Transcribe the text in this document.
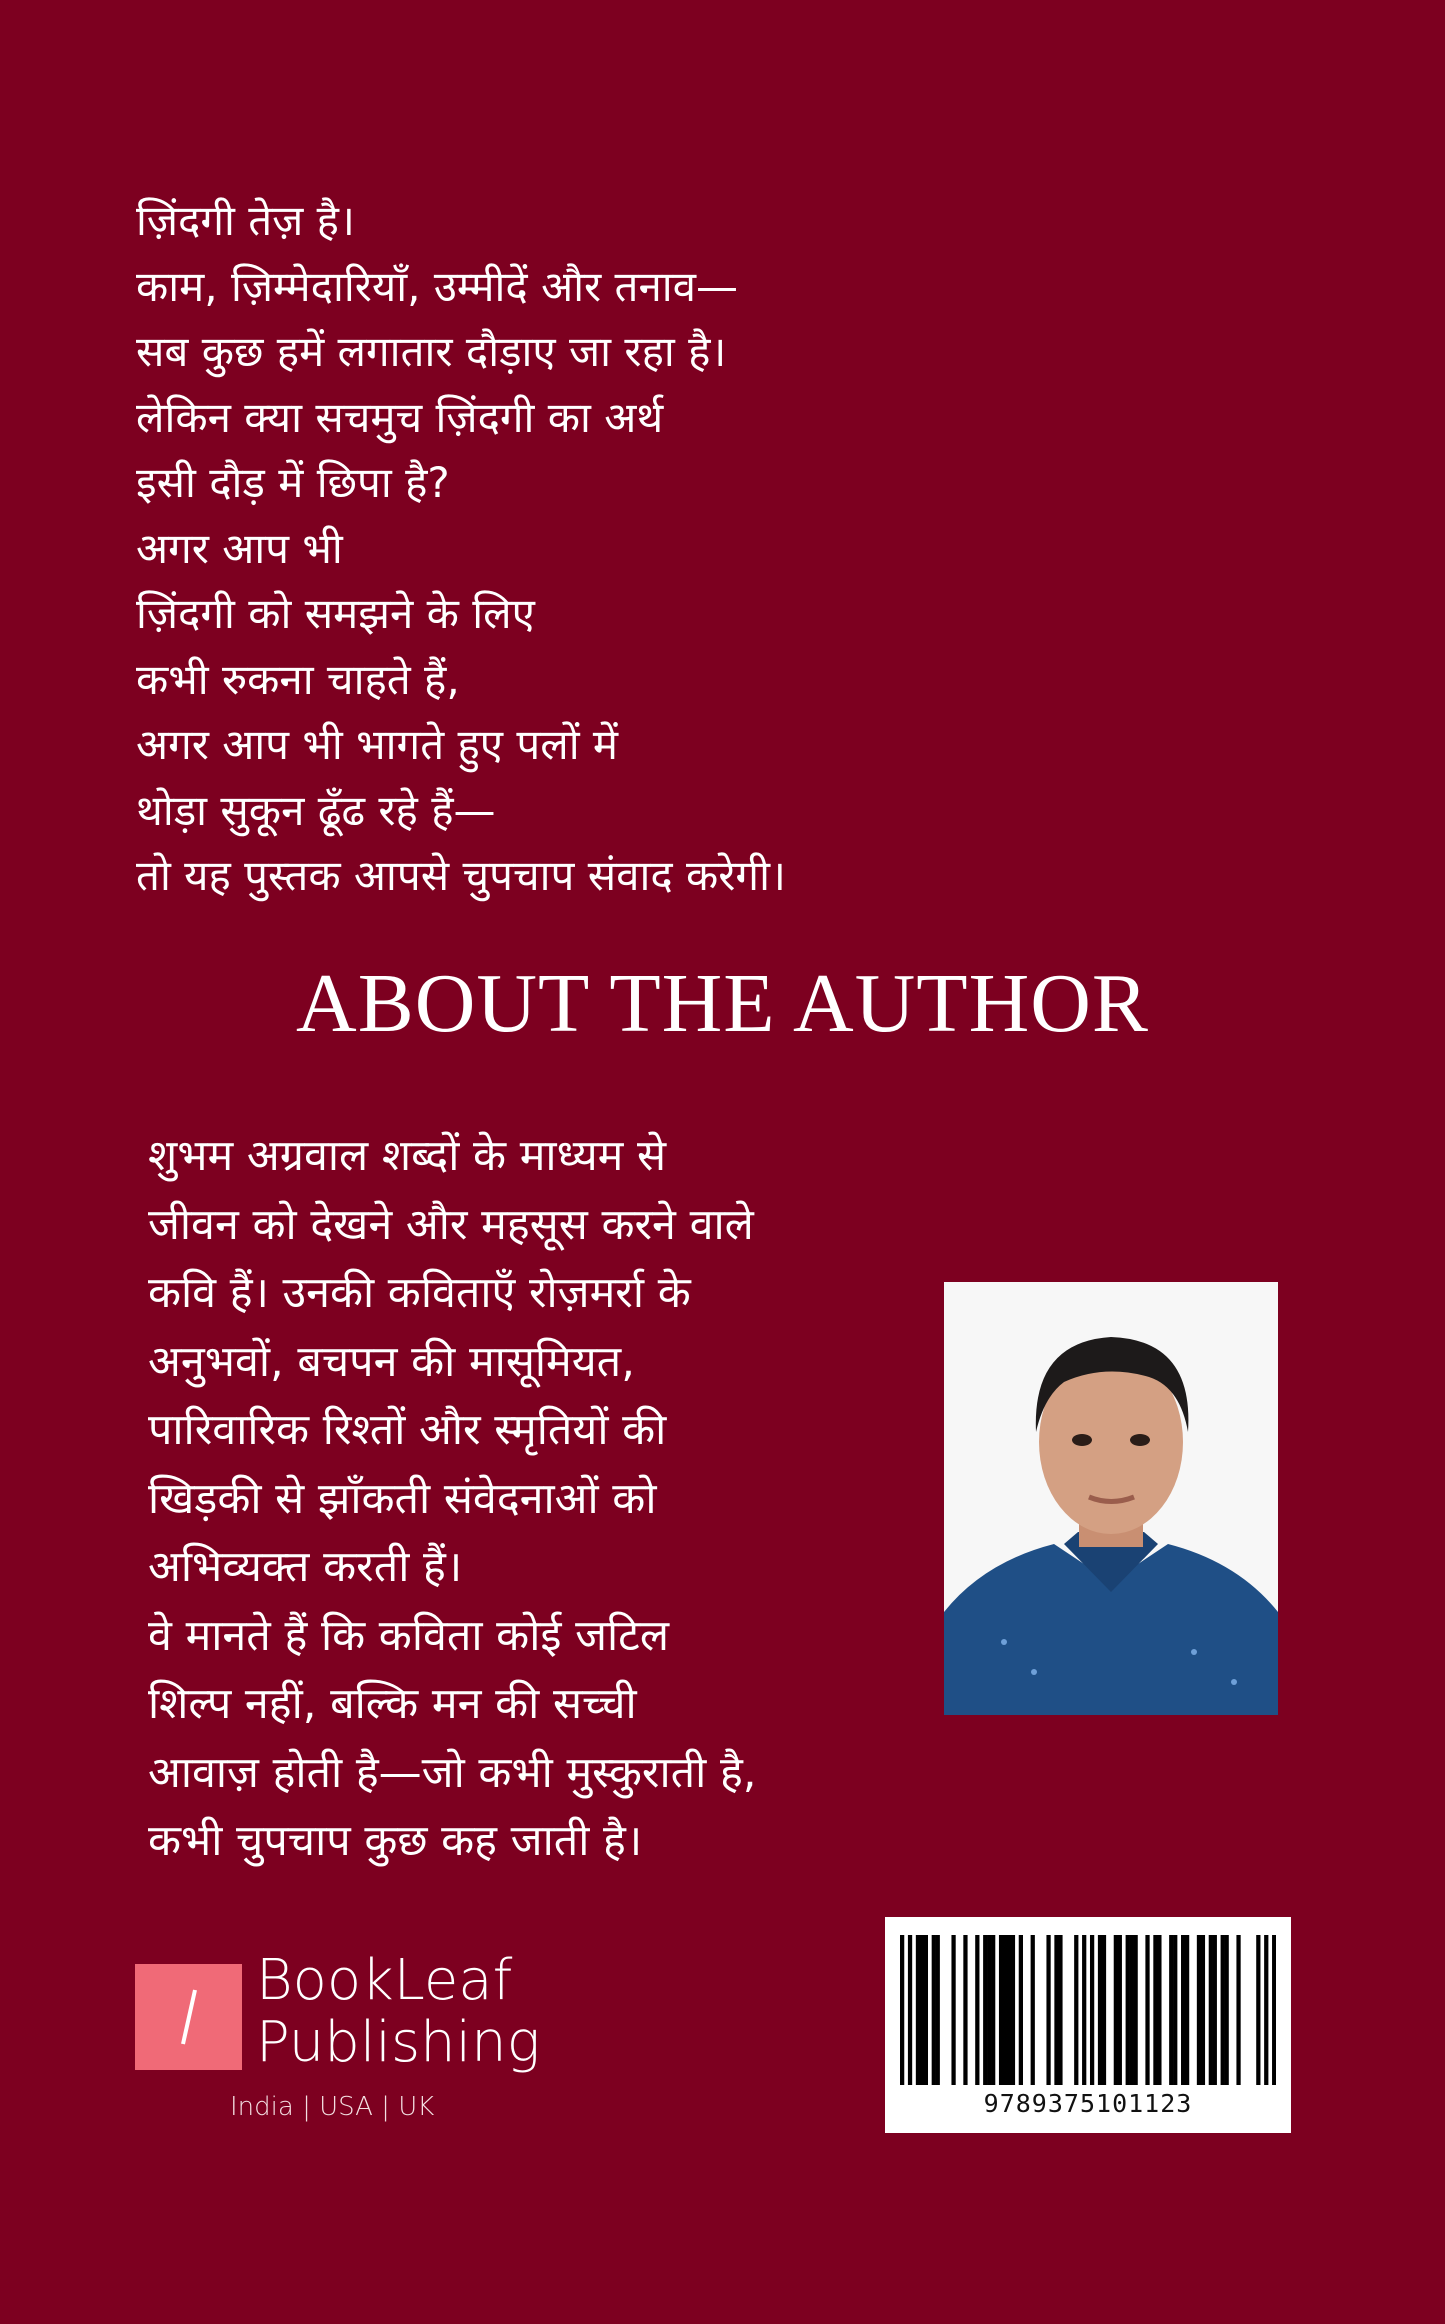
ज़िंदगी तेज़ है।
काम, ज़िम्मेदारियाँ, उम्मीदें और तनाव—
सब कुछ हमें लगातार दौड़ाए जा रहा है।
लेकिन क्या सचमुच ज़िंदगी का अर्थ
इसी दौड़ में छिपा है?
अगर आप भी
ज़िंदगी को समझने के लिए
कभी रुकना चाहते हैं,
अगर आप भी भागते हुए पलों में
थोड़ा सुकून ढूँढ रहे हैं—
तो यह पुस्तक आपसे चुपचाप संवाद करेगी।
ABOUT THE AUTHOR
शुभम अग्रवाल शब्दों के माध्यम से
जीवन को देखने और महसूस करने वाले
कवि हैं। उनकी कविताएँ रोज़मर्रा के
अनुभवों, बचपन की मासूमियत,
पारिवारिक रिश्तों और स्मृतियों की
खिड़की से झाँकती संवेदनाओं को
अभिव्यक्त करती हैं।
वे मानते हैं कि कविता कोई जटिल
शिल्प नहीं, बल्कि मन की सच्ची
आवाज़ होती है—जो कभी मुस्कुराती है,
कभी चुपचाप कुछ कह जाती है।
BookLeaf
Publishing
India | USA | UK	9789375101123
